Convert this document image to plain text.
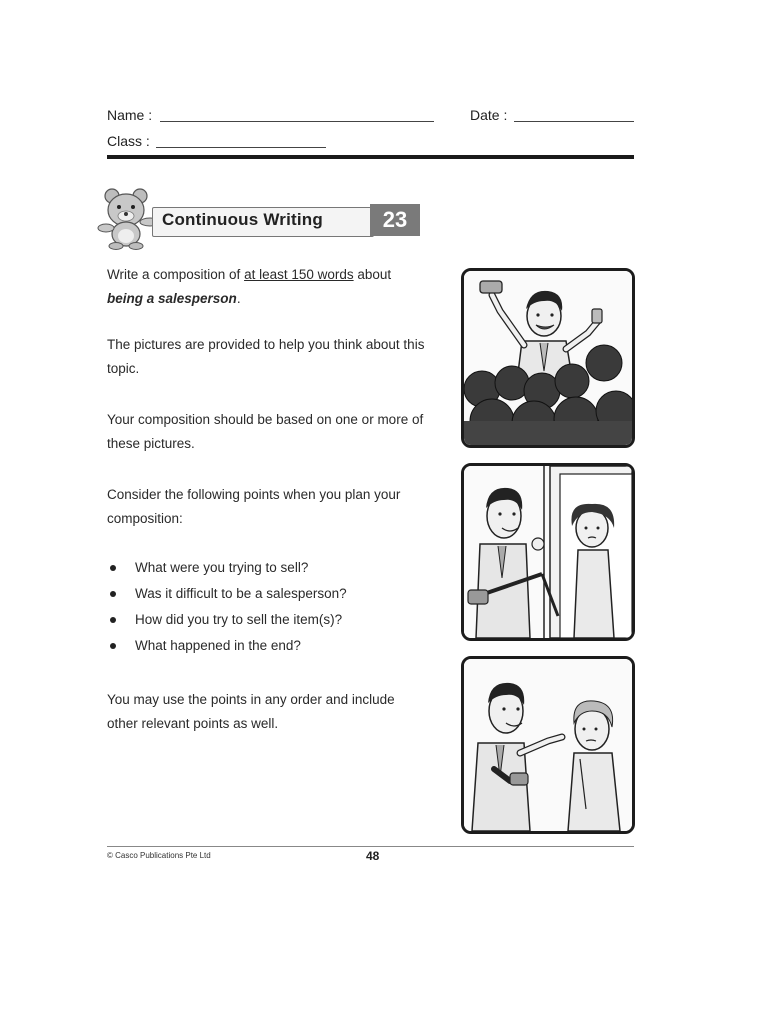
Name :	Date :
Class :
Continuous Writing	23
Write a composition of at least 150 words about
being a salesperson.
The pictures are provided to help you think about this topic.
Your composition should be based on one or more of these pictures.
Consider the following points when you plan your composition:
What were you trying to sell?
Was it difficult to be a salesperson?
How did you try to sell the item(s)?
What happened in the end?
You may use the points in any order and include other relevant points as well.
© Casco Publications Pte Ltd	48
